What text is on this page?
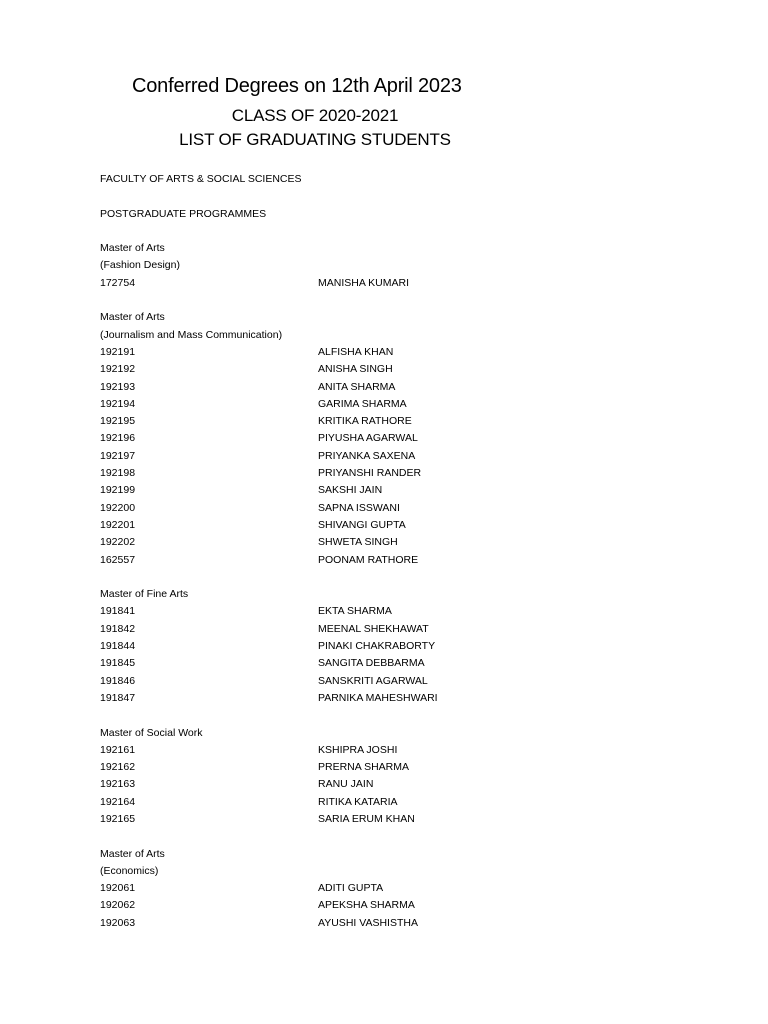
Conferred Degrees on 12th April 2023
CLASS OF 2020-2021
LIST OF GRADUATING STUDENTS
FACULTY OF ARTS & SOCIAL SCIENCES
POSTGRADUATE PROGRAMMES
Master of Arts
(Fashion Design)
172754	MANISHA KUMARI
Master of Arts
(Journalism and Mass Communication)
192191	ALFISHA KHAN
192192	ANISHA SINGH
192193	ANITA SHARMA
192194	GARIMA SHARMA
192195	KRITIKA RATHORE
192196	PIYUSHA AGARWAL
192197	PRIYANKA SAXENA
192198	PRIYANSHI RANDER
192199	SAKSHI JAIN
192200	SAPNA ISSWANI
192201	SHIVANGI GUPTA
192202	SHWETA SINGH
162557	POONAM RATHORE
Master of Fine Arts
191841	EKTA SHARMA
191842	MEENAL SHEKHAWAT
191844	PINAKI CHAKRABORTY
191845	SANGITA DEBBARMA
191846	SANSKRITI AGARWAL
191847	PARNIKA MAHESHWARI
Master of Social Work
192161	KSHIPRA JOSHI
192162	PRERNA SHARMA
192163	RANU JAIN
192164	RITIKA KATARIA
192165	SARIA ERUM KHAN
Master of Arts
(Economics)
192061	ADITI GUPTA
192062	APEKSHA SHARMA
192063	AYUSHI VASHISTHA
